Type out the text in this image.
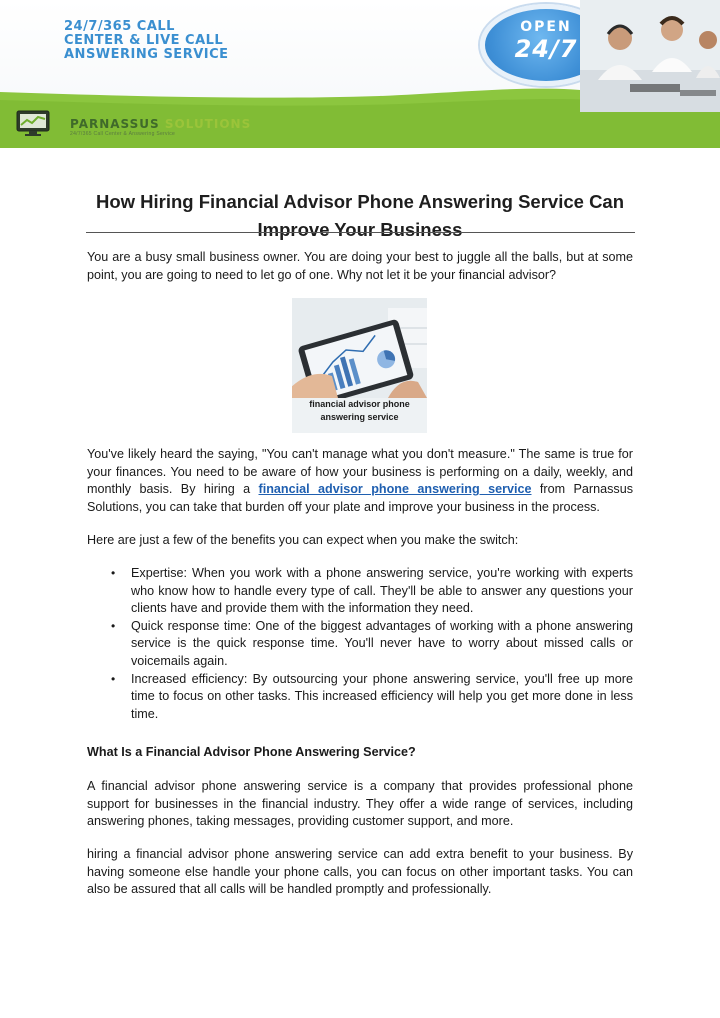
24/7/365 CALL
CENTER & LIVE CALL
ANSWERING SERVICE
OPEN
24/7
PARNASSUS SOLUTIONS
24/7/365 Call Center & Answering Service
How Hiring Financial Advisor Phone Answering Service Can Improve Your Business

You are a busy small business owner. You are doing your best to juggle all the balls, but at some point, you are going to need to let go of one. Why not let it be your financial advisor?

financial advisor phone
answering service

You've likely heard the saying, "You can't manage what you don't measure." The same is true for your finances. You need to be aware of how your business is performing on a daily, weekly, and monthly basis. By hiring a financial advisor phone answering service from Parnassus Solutions, you can take that burden off your plate and improve your business in the process.

Here are just a few of the benefits you can expect when you make the switch:

• Expertise: When you work with a phone answering service, you're working with experts who know how to handle every type of call. They'll be able to answer any questions your clients have and provide them with the information they need.
• Quick response time: One of the biggest advantages of working with a phone answering service is the quick response time. You'll never have to worry about missed calls or voicemails again.
• Increased efficiency: By outsourcing your phone answering service, you'll free up more time to focus on other tasks. This increased efficiency will help you get more done in less time.
What Is a Financial Advisor Phone Answering Service?

A financial advisor phone answering service is a company that provides professional phone support for businesses in the financial industry. They offer a wide range of services, including answering phones, taking messages, providing customer support, and more.

hiring a financial advisor phone answering service can add extra benefit to your business. By having someone else handle your phone calls, you can focus on other important tasks. You can also be assured that all calls will be handled promptly and professionally.
